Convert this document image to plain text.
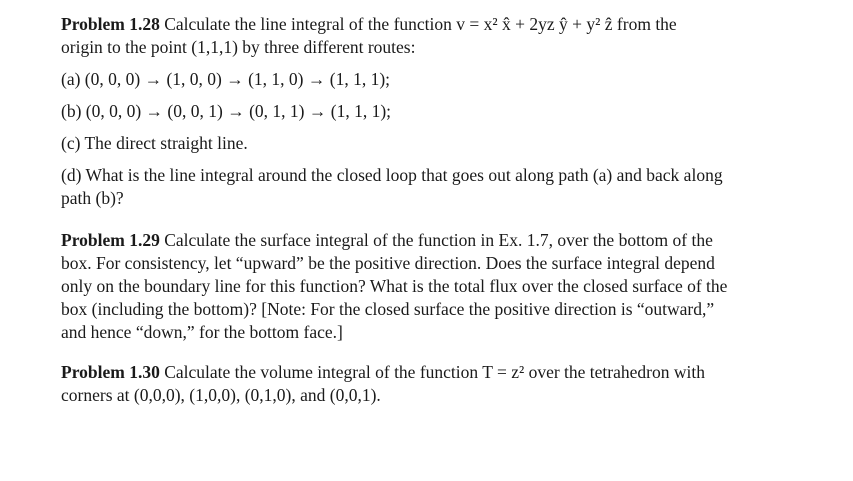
Problem 1.28 Calculate the line integral of the function v = x² x̂ + 2yz ŷ + y² ẑ from the
origin to the point (1,1,1) by three different routes:
(a) (0, 0, 0) → (1, 0, 0) → (1, 1, 0) → (1, 1, 1);
(b) (0, 0, 0) → (0, 0, 1) → (0, 1, 1) → (1, 1, 1);
(c) The direct straight line.
(d) What is the line integral around the closed loop that goes out along path (a) and back along
path (b)?
Problem 1.29 Calculate the surface integral of the function in Ex. 1.7, over the bottom of the
box. For consistency, let “upward” be the positive direction. Does the surface integral depend
only on the boundary line for this function? What is the total flux over the closed surface of the
box (including the bottom)? [Note: For the closed surface the positive direction is “outward,”
and hence “down,” for the bottom face.]
Problem 1.30 Calculate the volume integral of the function T = z² over the tetrahedron with
corners at (0,0,0), (1,0,0), (0,1,0), and (0,0,1).
